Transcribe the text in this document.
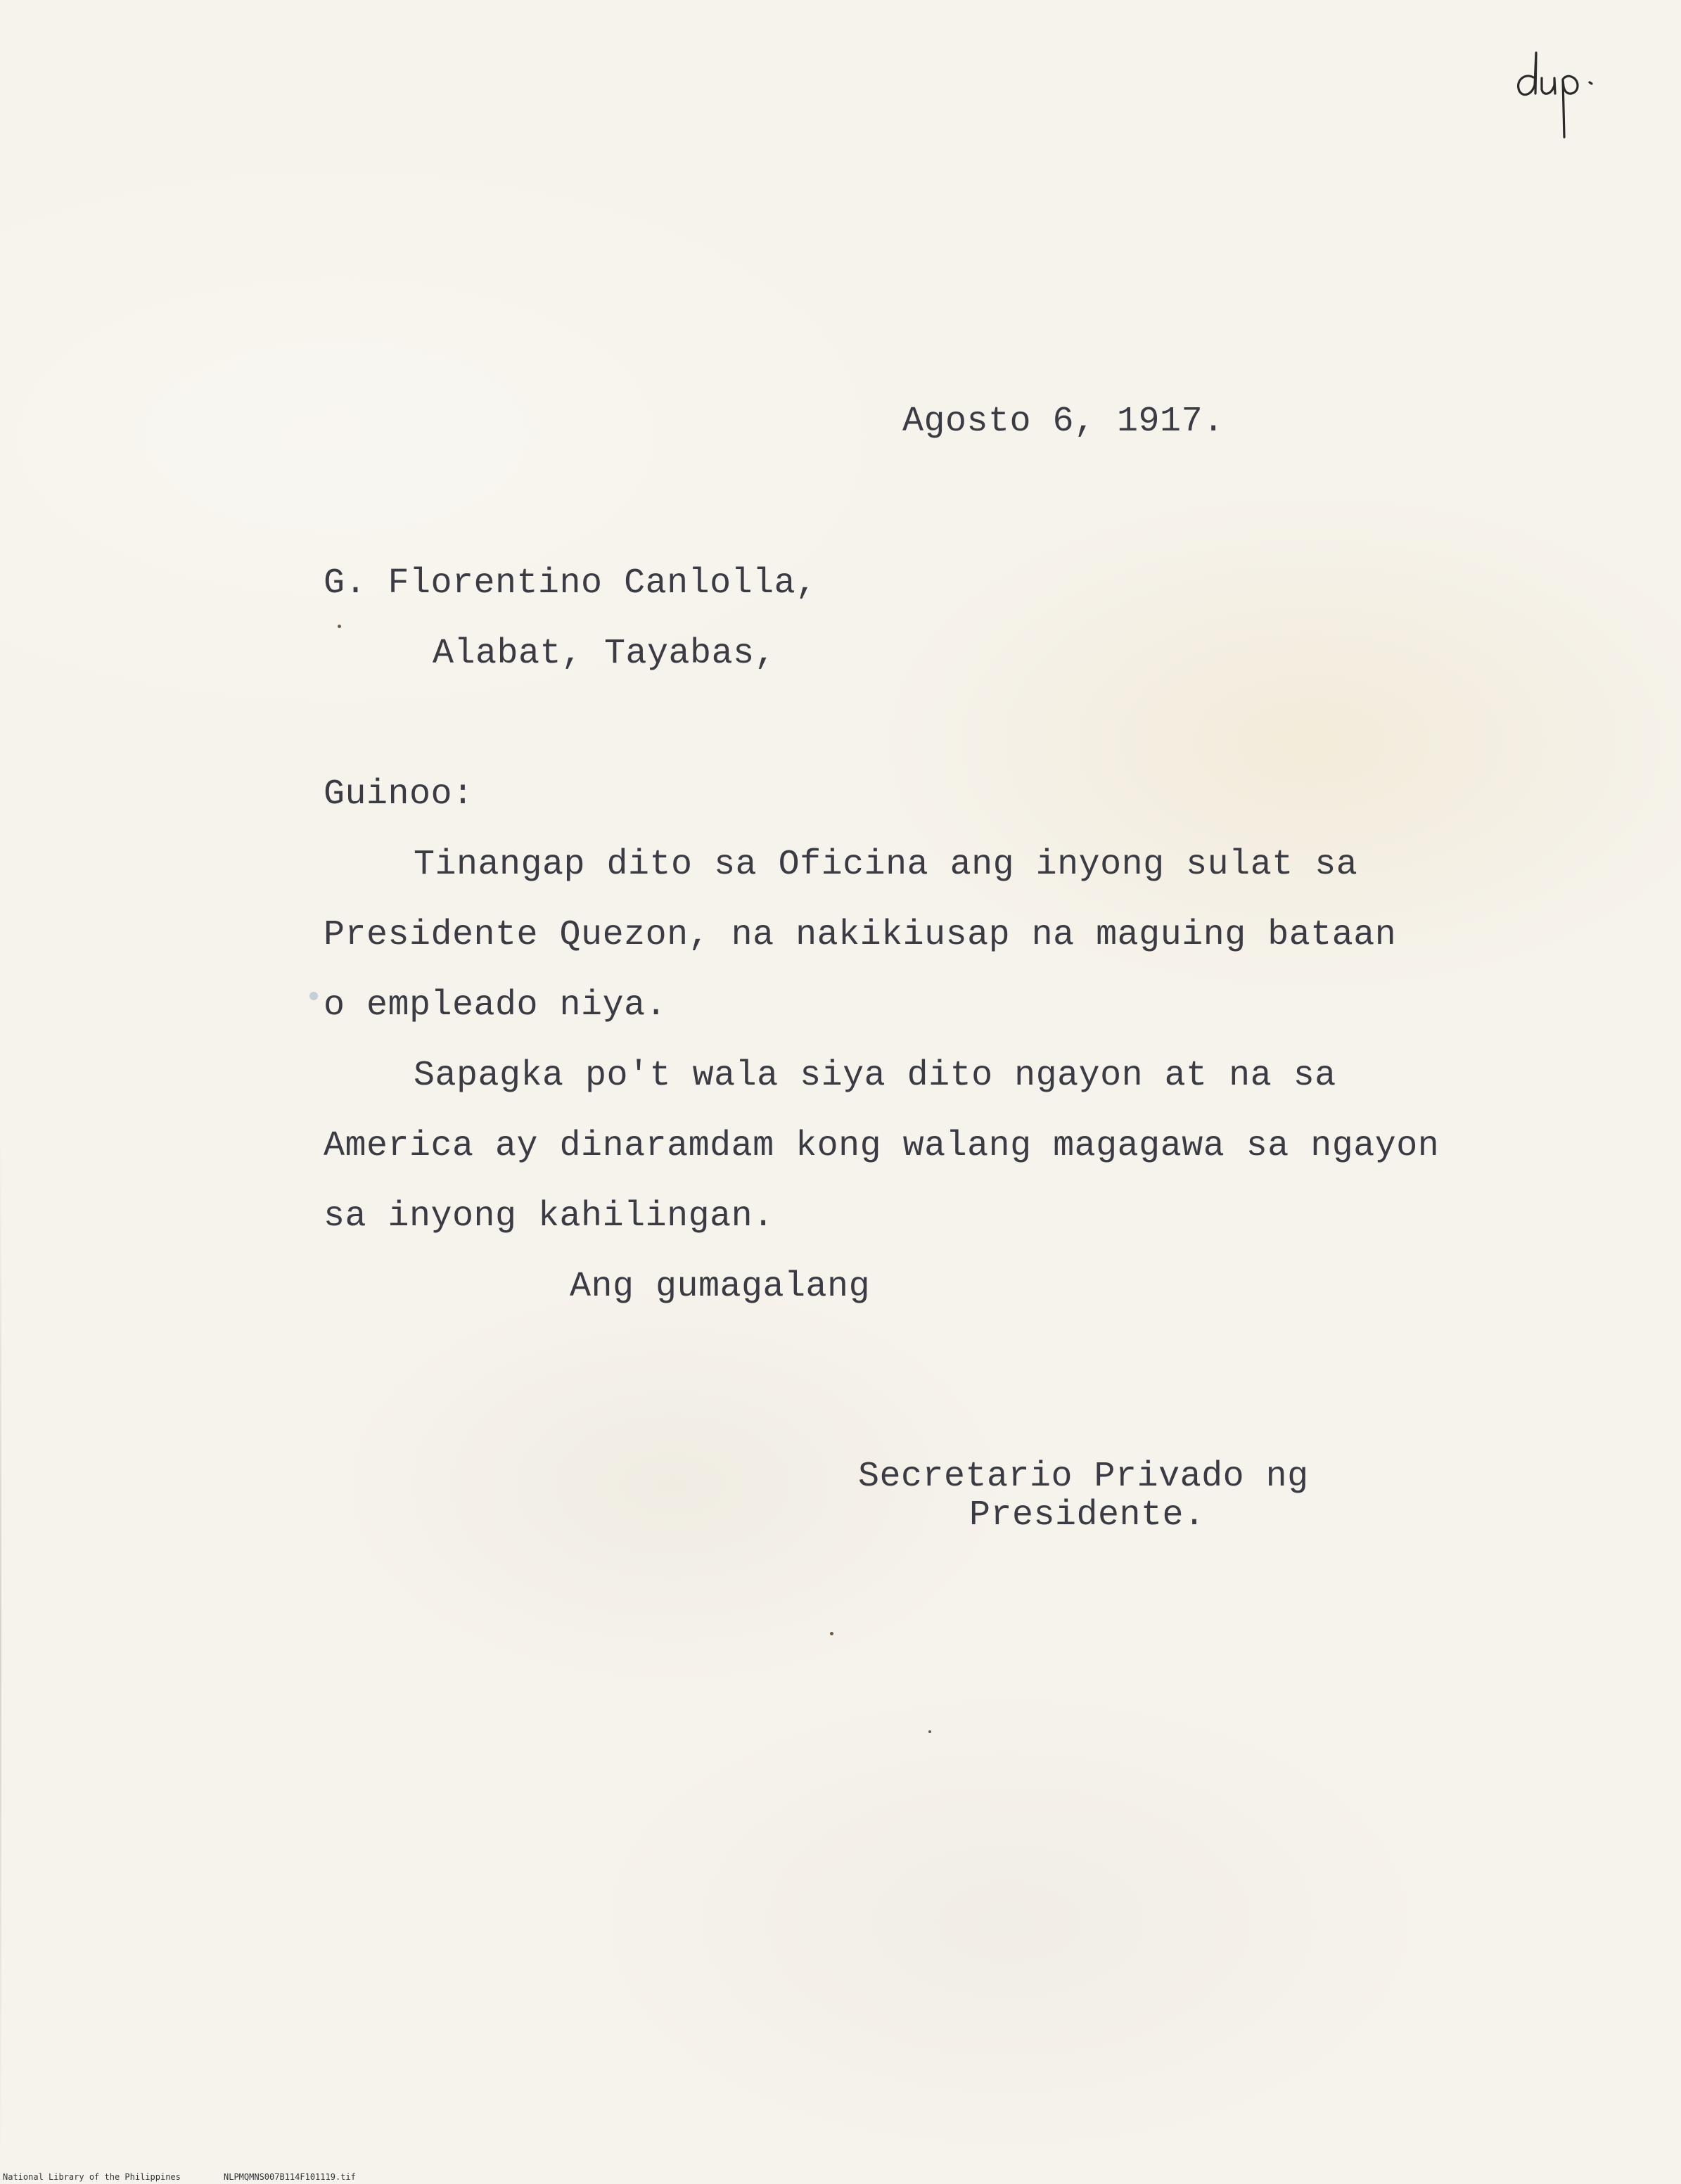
Agosto 6, 1917.
G. Florentino Canlolla,
Alabat, Tayabas,
Guinoo:
Tinangap dito sa Oficina ang inyong sulat sa
Presidente Quezon, na nakikiusap na maguing bataan
o empleado niya.
Sapagka po't wala siya dito ngayon at na sa
America ay dinaramdam kong walang magagawa sa ngayon
sa inyong kahilingan.
Ang gumagalang
Secretario Privado ng
Presidente.
National Library of the Philippines	NLPMQMNS007B114F101119.tif
